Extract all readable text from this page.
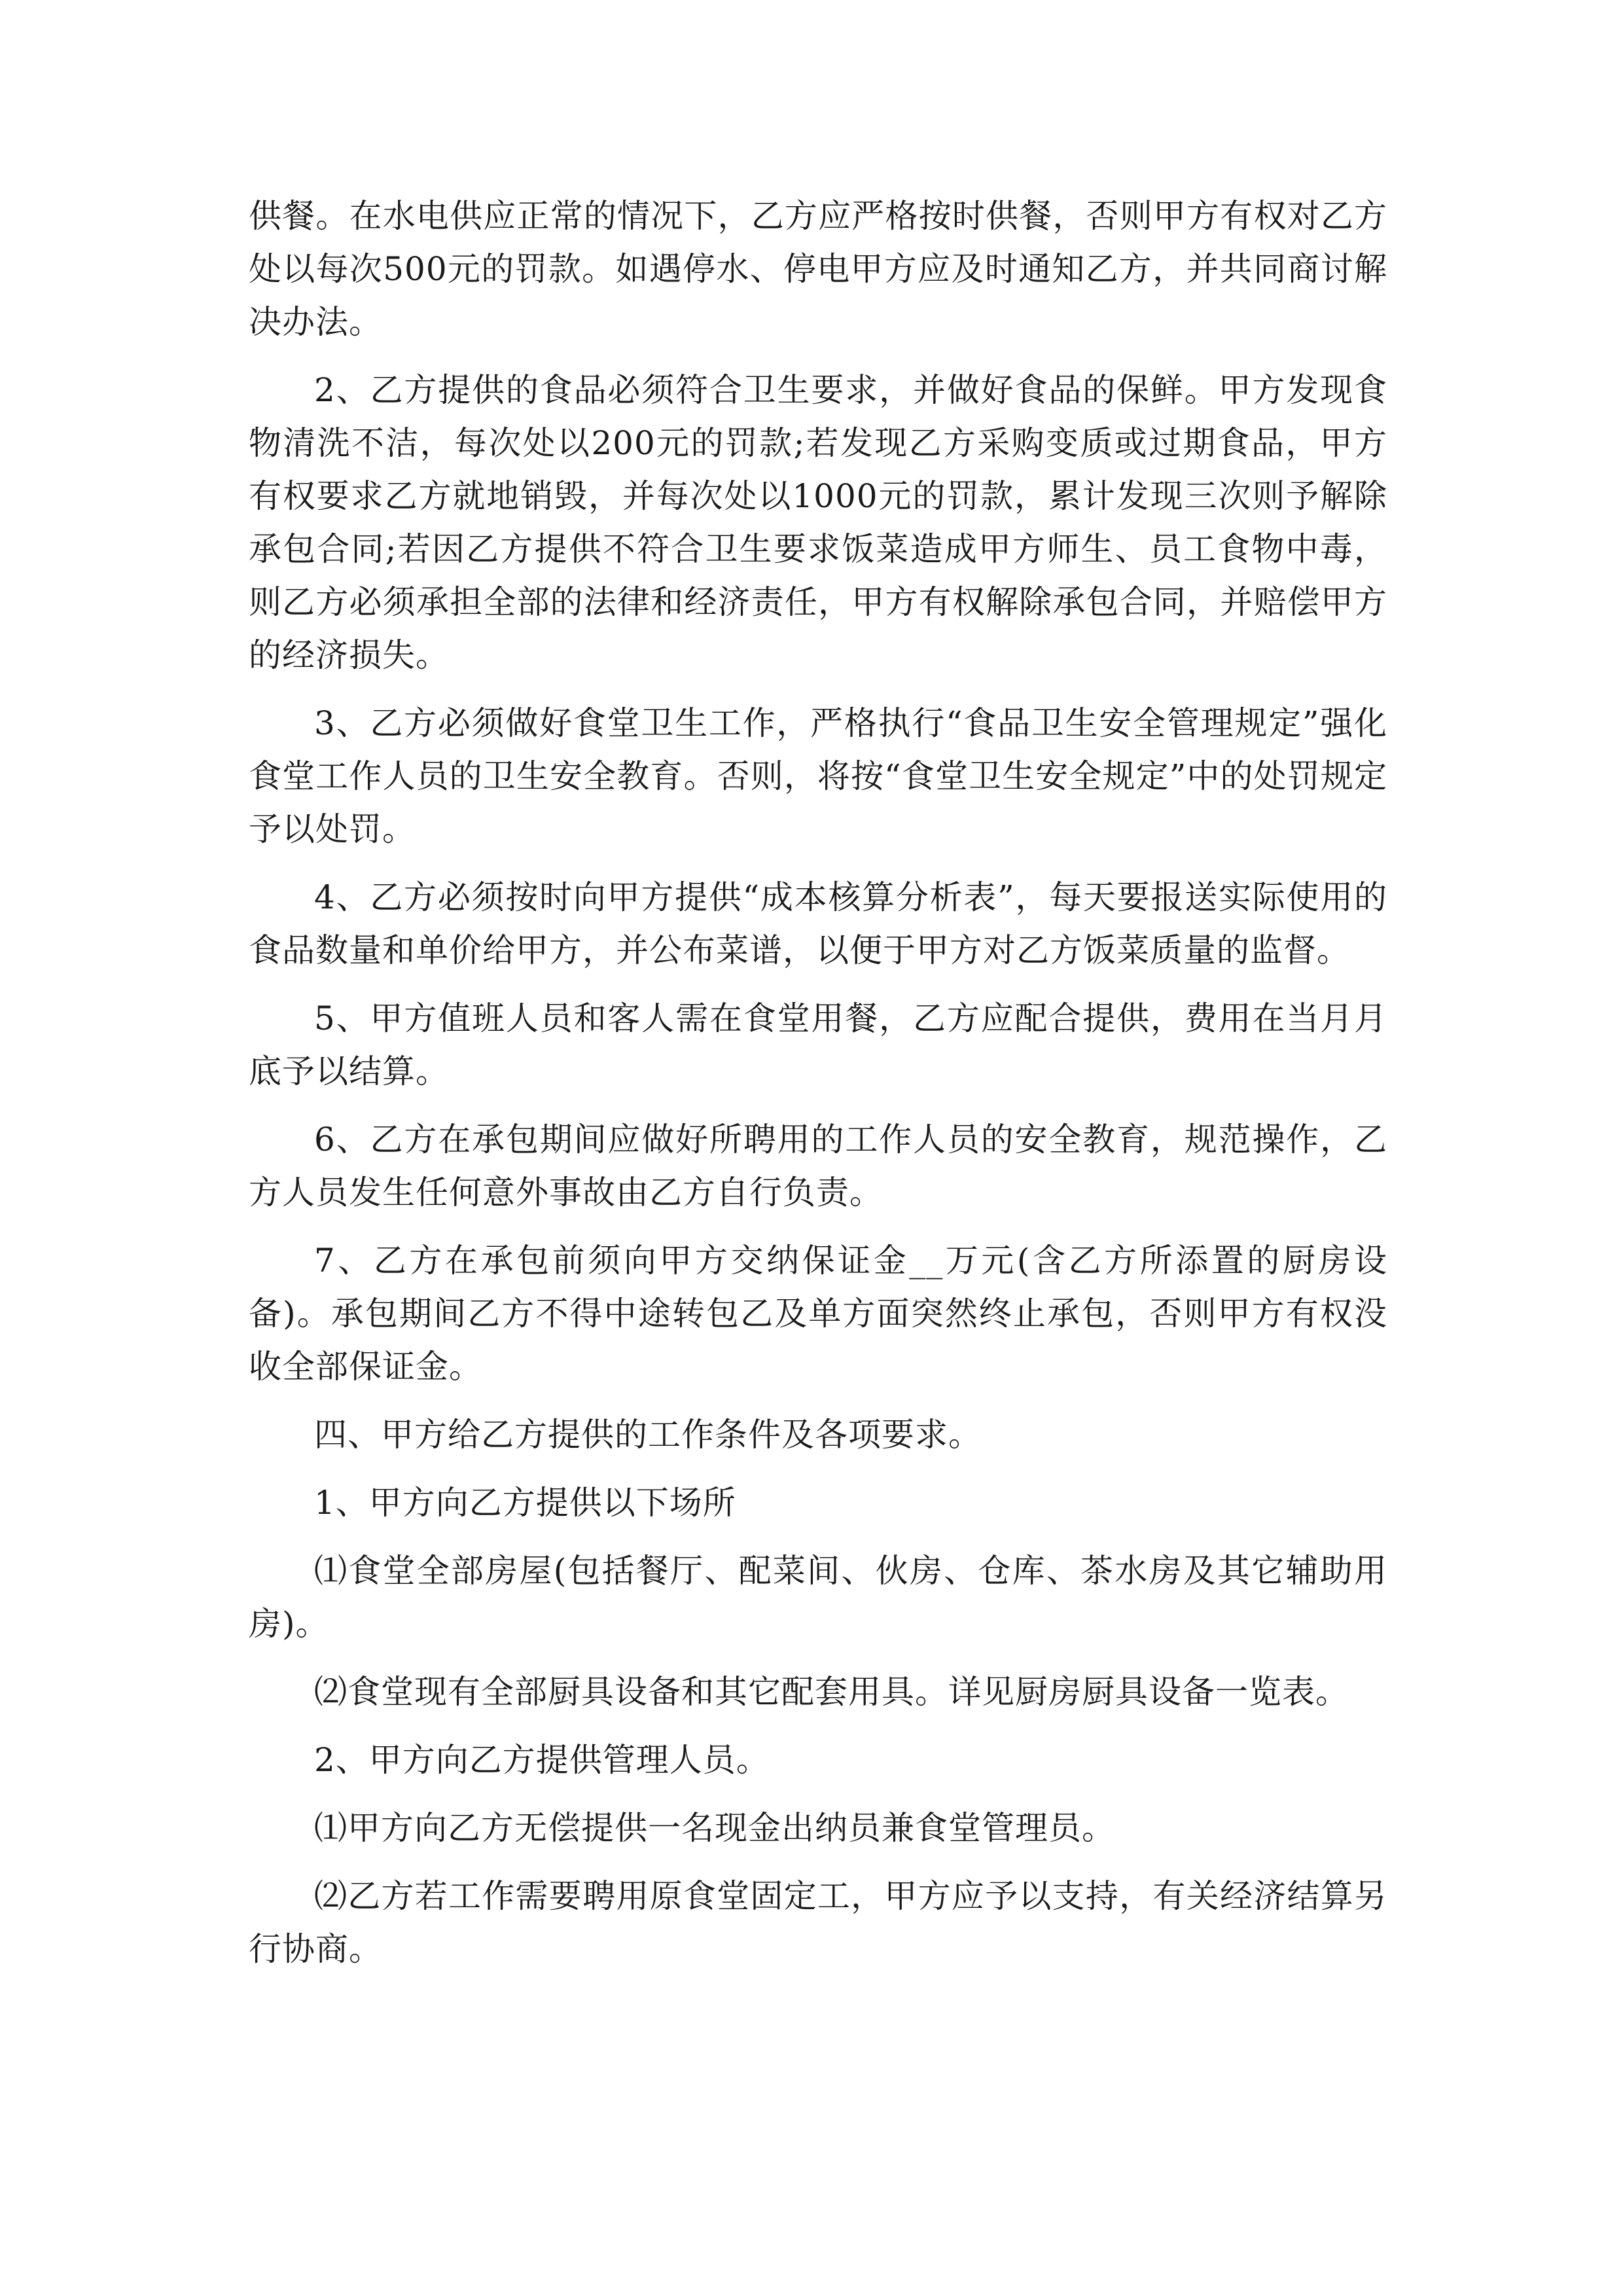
供餐。在水电供应正常的情况下，乙方应严格按时供餐，否则甲方有权对乙方处以每次500元的罚款。如遇停水、停电甲方应及时通知乙方，并共同商讨解决办法。

2、乙方提供的食品必须符合卫生要求，并做好食品的保鲜。甲方发现食物清洗不洁，每次处以200元的罚款;若发现乙方采购变质或过期食品，甲方有权要求乙方就地销毁，并每次处以1000元的罚款，累计发现三次则予解除承包合同;若因乙方提供不符合卫生要求饭菜造成甲方师生、员工食物中毒，则乙方必须承担全部的法律和经济责任，甲方有权解除承包合同，并赔偿甲方的经济损失。

3、乙方必须做好食堂卫生工作，严格执行“食品卫生安全管理规定”强化食堂工作人员的卫生安全教育。否则，将按“食堂卫生安全规定”中的处罚规定予以处罚。

4、乙方必须按时向甲方提供“成本核算分析表”，每天要报送实际使用的食品数量和单价给甲方，并公布菜谱，以便于甲方对乙方饭菜质量的监督。

5、甲方值班人员和客人需在食堂用餐，乙方应配合提供，费用在当月月底予以结算。

6、乙方在承包期间应做好所聘用的工作人员的安全教育，规范操作，乙方人员发生任何意外事故由乙方自行负责。

7、乙方在承包前须向甲方交纳保证金__万元(含乙方所添置的厨房设备)。承包期间乙方不得中途转包乙及单方面突然终止承包，否则甲方有权没收全部保证金。

四、甲方给乙方提供的工作条件及各项要求。

1、甲方向乙方提供以下场所

⑴食堂全部房屋(包括餐厅、配菜间、伙房、仓库、茶水房及其它辅助用房)。

⑵食堂现有全部厨具设备和其它配套用具。详见厨房厨具设备一览表。

2、甲方向乙方提供管理人员。

⑴甲方向乙方无偿提供一名现金出纳员兼食堂管理员。

⑵乙方若工作需要聘用原食堂固定工，甲方应予以支持，有关经济结算另行协商。
